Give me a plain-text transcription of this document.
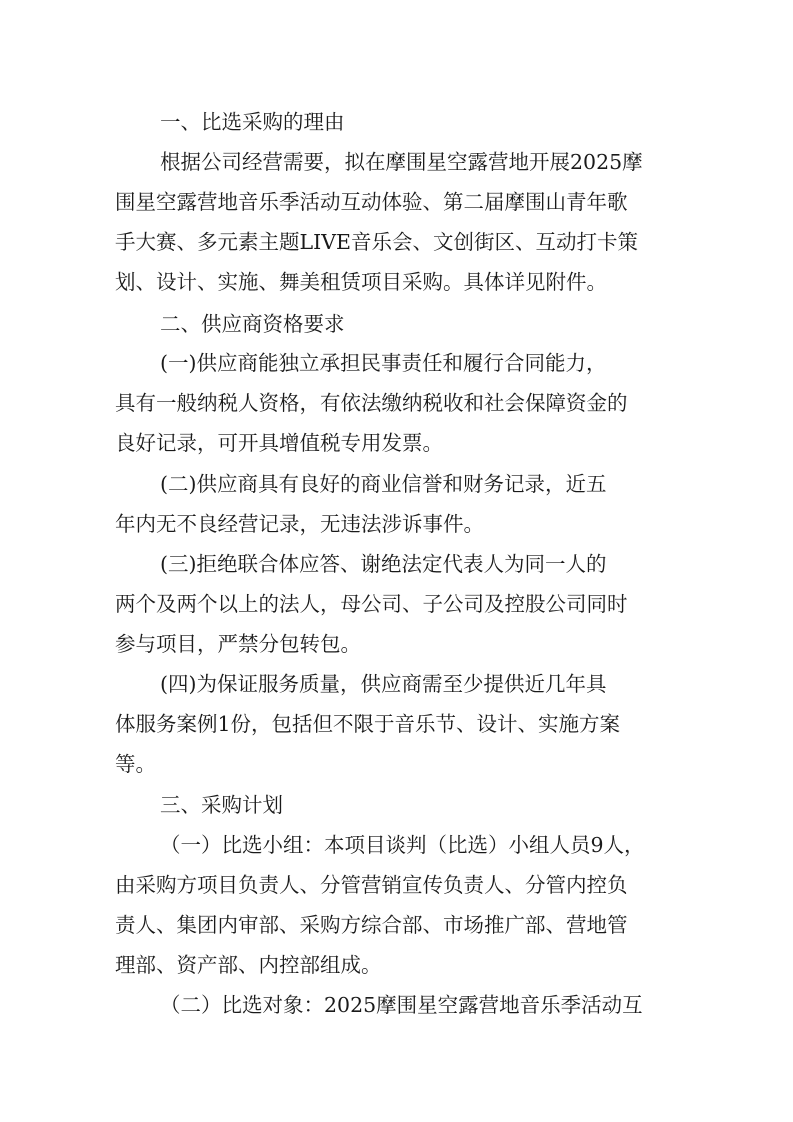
一、比选采购的理由
根据公司经营需要，拟在摩围星空露营地开展2025摩
围星空露营地音乐季活动互动体验、第二届摩围山青年歌
手大赛、多元素主题LIVE音乐会、文创街区、互动打卡策
划、设计、实施、舞美租赁项目采购。具体详见附件。
二、供应商资格要求
(一)供应商能独立承担民事责任和履行合同能力，
具有一般纳税人资格，有依法缴纳税收和社会保障资金的
良好记录，可开具增值税专用发票。
(二)供应商具有良好的商业信誉和财务记录，近五
年内无不良经营记录，无违法涉诉事件。
(三)拒绝联合体应答、谢绝法定代表人为同一人的
两个及两个以上的法人，母公司、子公司及控股公司同时
参与项目，严禁分包转包。
(四)为保证服务质量，供应商需至少提供近几年具
体服务案例1份，包括但不限于音乐节、设计、实施方案
等。
三、采购计划
（一）比选小组：本项目谈判（比选）小组人员9人，
由采购方项目负责人、分管营销宣传负责人、分管内控负
责人、集团内审部、采购方综合部、市场推广部、营地管
理部、资产部、内控部组成。
（二）比选对象：2025摩围星空露营地音乐季活动互
